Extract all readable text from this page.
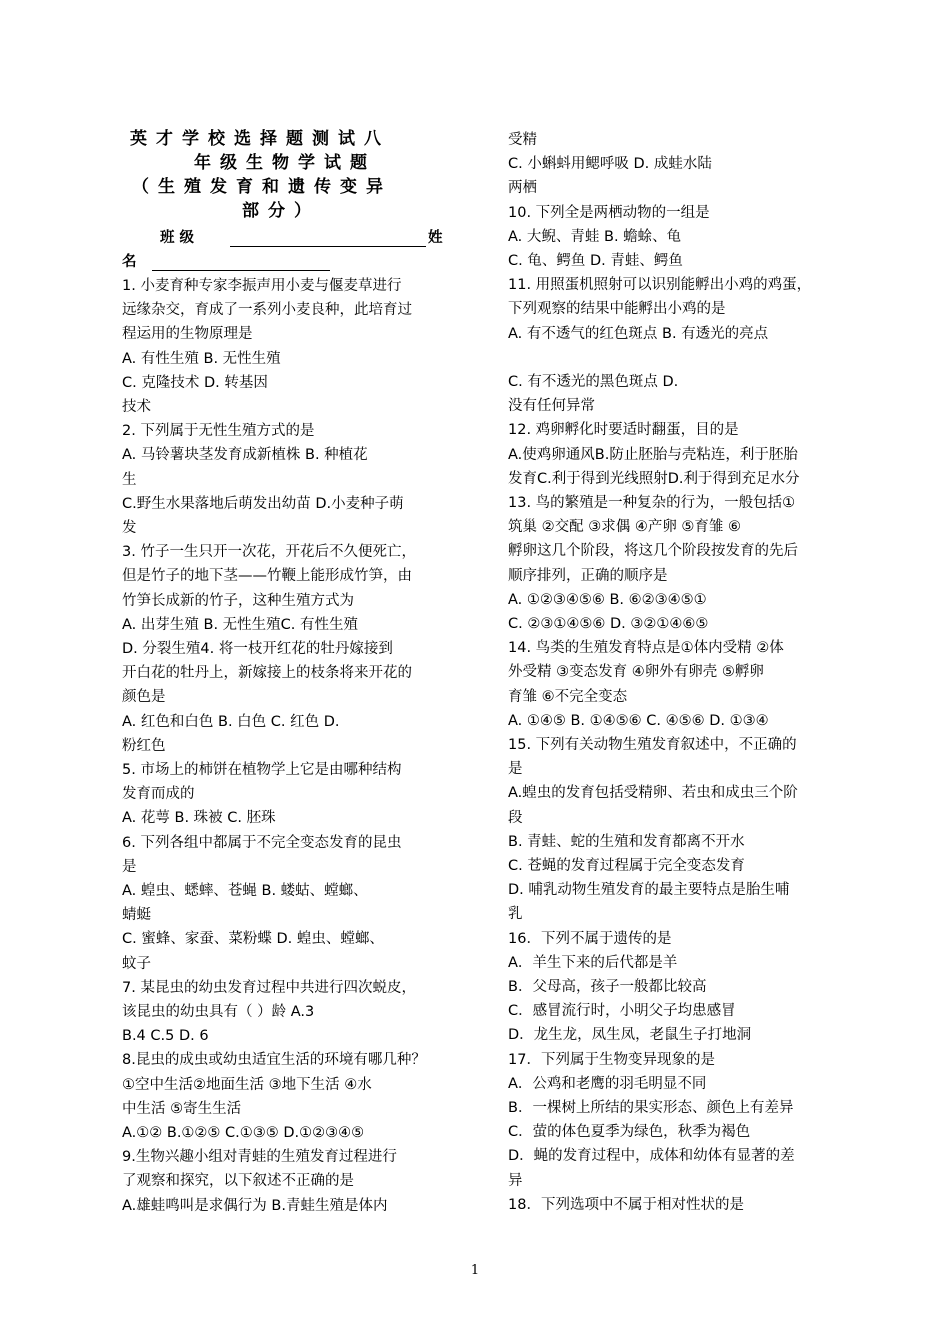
英才学校选择题测试八
年级生物学试题
（生殖发育和遗传变异
部分）
班 级	姓
名
1. 小麦育种专家李振声用小麦与偃麦草进行
远缘杂交，育成了一系列小麦良种，此培育过
程运用的生物原理是
A. 有性生殖 B. 无性生殖
C. 克隆技术 D. 转基因
技术
2. 下列属于无性生殖方式的是
A. 马铃薯块茎发育成新植株 B. 种植花
生
C.野生水果落地后萌发出幼苗 D.小麦种子萌
发
3. 竹子一生只开一次花，开花后不久便死亡，
但是竹子的地下茎——竹鞭上能形成竹笋，由
竹笋长成新的竹子，这种生殖方式为
A. 出芽生殖 B. 无性生殖C. 有性生殖
D. 分裂生殖4. 将一枝开红花的牡丹嫁接到
开白花的牡丹上，新嫁接上的枝条将来开花的
颜色是
A. 红色和白色 B. 白色 C. 红色 D.
粉红色
5. 市场上的柿饼在植物学上它是由哪种结构
发育而成的
A. 花萼 B. 珠被 C. 胚珠
6. 下列各组中都属于不完全变态发育的昆虫
是
A. 蝗虫、蟋蟀、苍蝇 B. 蝼蛄、螳螂、
蜻蜓
C. 蜜蜂、家蚕、菜粉蝶 D. 蝗虫、螳螂、
蚊子
7. 某昆虫的幼虫发育过程中共进行四次蜕皮，
该昆虫的幼虫具有（ ）龄 A.3
B.4 C.5 D. 6
8.昆虫的成虫或幼虫适宜生活的环境有哪几种？
①空中生活②地面生活 ③地下生活 ④水
中生活 ⑤寄生生活
A.①② B.①②⑤ C.①③⑤ D.①②③④⑤
9.生物兴趣小组对青蛙的生殖发育过程进行
了观察和探究，以下叙述不正确的是
A.雄蛙鸣叫是求偶行为 B.青蛙生殖是体内
受精
C. 小蝌蚪用鳃呼吸 D. 成蛙水陆
两栖
10. 下列全是两栖动物的一组是
A. 大鲵、青蛙 B. 蟾蜍、龟
C. 龟、鳄鱼 D. 青蛙、鳄鱼
11. 用照蛋机照射可以识别能孵出小鸡的鸡蛋，
下列观察的结果中能孵出小鸡的是
A. 有不透气的红色斑点 B. 有透光的亮点
C. 有不透光的黑色斑点 D.
没有任何异常
12. 鸡卵孵化时要适时翻蛋，目的是
A.使鸡卵通风B.防止胚胎与壳粘连，利于胚胎
发育C.利于得到光线照射D.利于得到充足水分
13. 鸟的繁殖是一种复杂的行为，一般包括①
筑巢 ②交配 ③求偶 ④产卵 ⑤育雏 ⑥
孵卵这几个阶段，将这几个阶段按发育的先后
顺序排列，正确的顺序是
A. ①②③④⑤⑥ B. ⑥②③④⑤①
C. ②③①④⑤⑥ D. ③②①④⑥⑤
14. 鸟类的生殖发育特点是①体内受精 ②体
外受精 ③变态发育 ④卵外有卵壳 ⑤孵卵
育雏 ⑥不完全变态
A. ①④⑤ B. ①④⑤⑥ C. ④⑤⑥ D. ①③④
15. 下列有关动物生殖发育叙述中，不正确的
是
A.蝗虫的发育包括受精卵、若虫和成虫三个阶
段
B. 青蛙、蛇的生殖和发育都离不开水
C. 苍蝇的发育过程属于完全变态发育
D. 哺乳动物生殖发育的最主要特点是胎生哺
乳
16．下列不属于遗传的是
A．羊生下来的后代都是羊
B．父母高，孩子一般都比较高
C．感冒流行时，小明父子均患感冒
D．龙生龙，凤生凤，老鼠生子打地洞
17．下列属于生物变异现象的是
A．公鸡和老鹰的羽毛明显不同
B．一棵树上所结的果实形态、颜色上有差异
C．萤的体色夏季为绿色，秋季为褐色
D．蝇的发育过程中，成体和幼体有显著的差
异
18．下列选项中不属于相对性状的是
1
